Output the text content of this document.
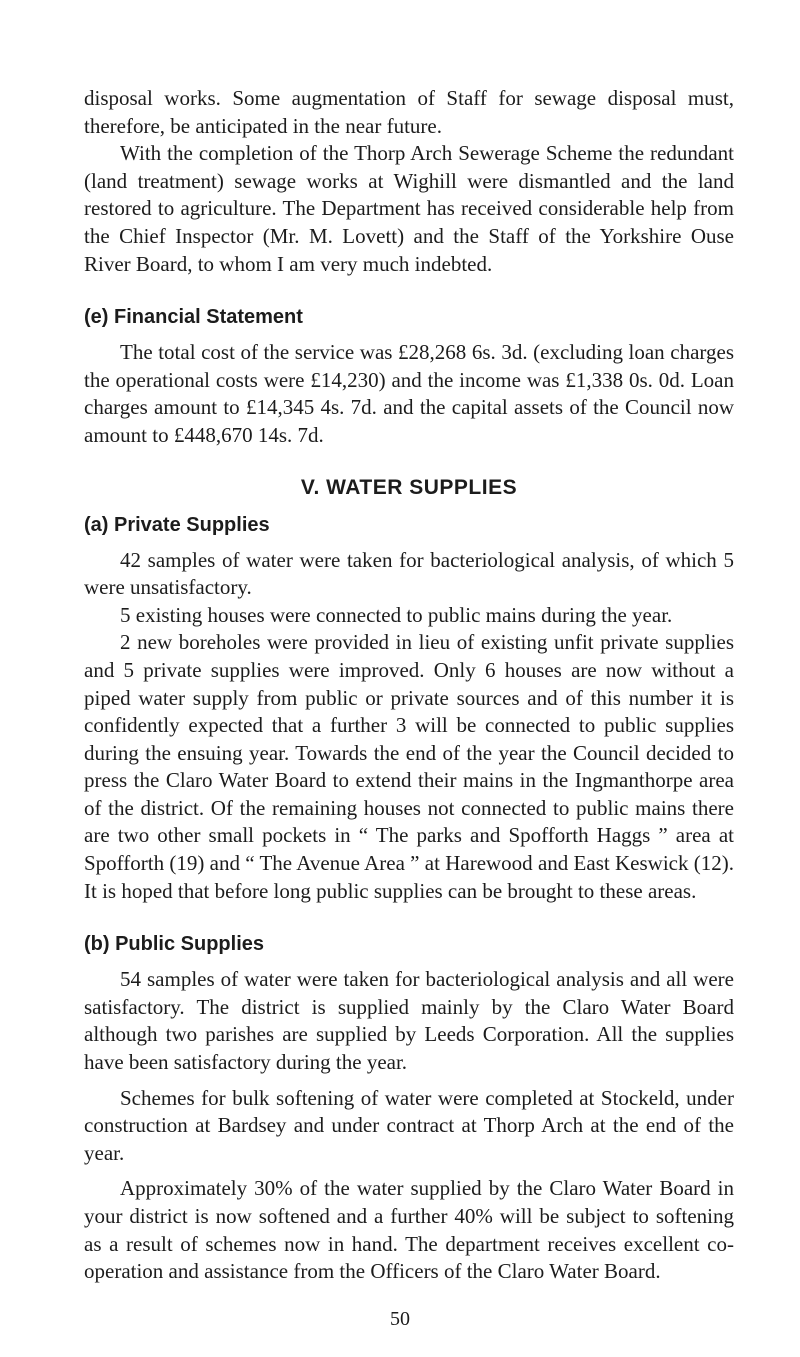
disposal works. Some augmentation of Staff for sewage disposal must, therefore, be anticipated in the near future.

With the completion of the Thorp Arch Sewerage Scheme the redundant (land treatment) sewage works at Wighill were dismantled and the land restored to agriculture. The Department has received considerable help from the Chief Inspector (Mr. M. Lovett) and the Staff of the Yorkshire Ouse River Board, to whom I am very much indebted.

(e) Financial Statement

The total cost of the service was £28,268 6s. 3d. (excluding loan charges the operational costs were £14,230) and the income was £1,338 0s. 0d. Loan charges amount to £14,345 4s. 7d. and the capital assets of the Council now amount to £448,670 14s. 7d.

V. WATER SUPPLIES
(a) Private Supplies

42 samples of water were taken for bacteriological analysis, of which 5 were unsatisfactory.

5 existing houses were connected to public mains during the year.

2 new boreholes were provided in lieu of existing unfit private supplies and 5 private supplies were improved. Only 6 houses are now without a piped water supply from public or private sources and of this number it is confidently expected that a further 3 will be connected to public supplies during the ensuing year. Towards the end of the year the Council decided to press the Claro Water Board to extend their mains in the Ingmanthorpe area of the district. Of the remaining houses not connected to public mains there are two other small pockets in “ The parks and Spofforth Haggs ” area at Spofforth (19) and “ The Avenue Area ” at Harewood and East Keswick (12). It is hoped that before long public supplies can be brought to these areas.

(b) Public Supplies

54 samples of water were taken for bacteriological analysis and all were satisfactory. The district is supplied mainly by the Claro Water Board although two parishes are supplied by Leeds Corporation. All the supplies have been satisfactory during the year.

Schemes for bulk softening of water were completed at Stockeld, under construction at Bardsey and under contract at Thorp Arch at the end of the year.

Approximately 30% of the water supplied by the Claro Water Board in your district is now softened and a further 40% will be subject to softening as a result of schemes now in hand. The department receives excellent co-operation and assistance from the Officers of the Claro Water Board.

50
